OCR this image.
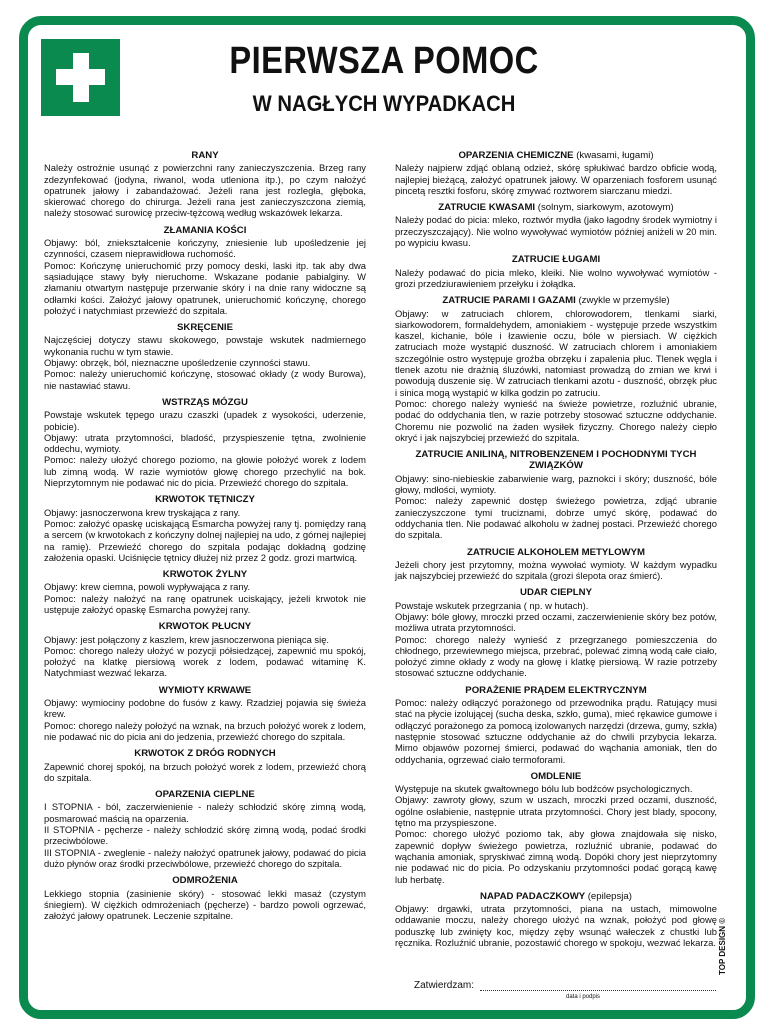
PIERWSZA POMOC
W NAGŁYCH WYPADKACH
RANY

Należy ostrożnie usunąć z powierzchni rany zanieczyszczenia. Brzeg rany zdezynfekować (jodyna, riwanol, woda utleniona itp.), po czym nałożyć opatrunek jałowy i zabandażować. Jeżeli rana jest rozległa, głęboka, skierować chorego do chirurga. Jeżeli rana jest zanieczyszczona ziemią, należy stosować surowicę przeciw-tężcową według wskazówek lekarza.

ZŁAMANIA KOŚCI

Objawy: ból, zniekształcenie kończyny, zniesienie lub upośledzenie jej czynności, czasem nieprawidłowa ruchomość.

Pomoc: Kończynę unieruchomić przy pomocy deski, laski itp. tak aby dwa sąsiadujące stawy były nieruchome. Wskazane podanie pabialginy. W złamaniu otwartym następuje przerwanie skóry i na dnie rany widoczne są odłamki kości. Założyć jałowy opatrunek, unieruchomić kończynę, chorego położyć i natychmiast przewieźć do szpitala.

SKRĘCENIE

Najczęściej dotyczy stawu skokowego, powstaje wskutek nadmiernego wykonania ruchu w tym stawie.

Objawy: obrzęk, ból, nieznaczne upośledzenie czynności stawu.

Pomoc: należy unieruchomić kończynę, stosować okłady (z wody Burowa), nie nastawiać stawu.

WSTRZĄS MÓZGU

Powstaje wskutek tępego urazu czaszki (upadek z wysokości, uderzenie, pobicie).

Objawy: utrata przytomności, bladość, przyspieszenie tętna, zwolnienie oddechu, wymioty.

Pomoc: należy ułożyć chorego poziomo, na głowie położyć worek z lodem lub zimną wodą. W razie wymiotów głowę chorego przechylić na bok. Nieprzytomnym nie podawać nic do picia. Przewieźć chorego do szpitala.

KRWOTOK TĘTNICZY

Objawy: jasnoczerwona krew tryskająca z rany.

Pomoc: założyć opaskę uciskającą Esmarcha powyżej rany tj. pomiędzy raną a sercem (w krwotokach z kończyny dolnej najlepiej na udo, z górnej najlepiej na ramię). Przewieźć chorego do szpitala podając dokładną godzinę założenia opaski. Uciśnięcie tętnicy dłużej niż przez 2 godz. grozi martwicą.

KRWOTOK ŻYLNY

Objawy: krew ciemna, powoli wypływająca z rany.

Pomoc: należy nałożyć na ranę opatrunek uciskający, jeżeli krwotok nie ustępuje założyć opaskę Esmarcha powyżej rany.

KRWOTOK PŁUCNY

Objawy: jest połączony z kaszlem, krew jasnoczerwona pieniąca się.

Pomoc: chorego należy ułożyć w pozycji półsiedzącej, zapewnić mu spokój, położyć na klatkę piersiową worek z lodem, podawać witaminę K. Natychmiast wezwać lekarza.

WYMIOTY KRWAWE

Objawy: wymiociny podobne do fusów z kawy. Rzadziej pojawia się świeża krew.

Pomoc: chorego należy położyć na wznak, na brzuch położyć worek z lodem, nie podawać nic do picia ani do jedzenia, przewieźć chorego do szpitala.

KRWOTOK Z DRÓG RODNYCH

Zapewnić chorej spokój, na brzuch położyć worek z lodem, przewieźć chorą do szpitala.

OPARZENIA CIEPLNE

I STOPNIA - ból, zaczerwienienie - należy schłodzić skórę zimną wodą, posmarować maścią na oparzenia.

II STOPNIA - pęcherze - należy schłodzić skórę zimną wodą, podać środki przeciwbólowe.

III STOPNIA - zweglenie - należy nałożyć opatrunek jałowy, podawać do picia dużo płynów oraz środki przeciwbólowe, przewieźć chorego do szpitala.

ODMROŻENIA

Lekkiego stopnia (zasinienie skóry) - stosować lekki masaż (czystym śniegiem). W ciężkich odmrożeniach (pęcherze) - bardzo powoli ogrzewać, założyć jałowy opatrunek. Leczenie szpitalne.

OPARZENIA CHEMICZNE (kwasami, ługami)

Należy najpierw zdjąć oblaną odzież, skórę spłukiwać bardzo obficie wodą, najlepiej bieżącą, założyć opatrunek jałowy. W oparzeniach fosforem usunąć pincetą resztki fosforu, skórę zmywać roztworem siarczanu miedzi.

ZATRUCIE KWASAMI (solnym, siarkowym, azotowym)

Należy podać do picia: mleko, roztwór mydła (jako łagodny środek wymiotny i przeczyszczający). Nie wolno wywoływać wymiotów później aniżeli w 20 min. po wypiciu kwasu.

ZATRUCIE ŁUGAMI

Należy podawać do picia mleko, kleiki. Nie wolno wywoływać wymiotów - grozi przedziurawieniem przełyku i żołądka.

ZATRUCIE PARAMI I GAZAMI (zwykle w przemyśle)

Objawy: w zatruciach chlorem, chlorowodorem, tlenkami siarki, siarkowodorem, formaldehydem, amoniakiem - występuje przede wszystkim kaszel, kichanie, bóle i łzawienie oczu, bóle w piersiach. W ciężkich zatruciach może wystąpić duszność. W zatruciach chlorem i amoniakiem szczególnie ostro występuje groźba obrzęku i zapalenia płuc. Tlenek węgla i tlenek azotu nie drażnią śluzówki, natomiast prowadzą do zmian we krwi i powodują duszenie się. W zatruciach tlenkami azotu - duszność, obrzęk płuc i sinica mogą wystąpić w kilka godzin po zatruciu.

Pomoc: chorego należy wynieść na świeże powietrze, rozluźnić ubranie, podać do oddychania tlen, w razie potrzeby stosować sztuczne oddychanie. Choremu nie pozwolić na żaden wysiłek fizyczny. Chorego należy ciepło okryć i jak najszybciej przewieźć do szpitala.

ZATRUCIE ANILINĄ, NITROBENZENEM I POCHODNYMI TYCH ZWIĄZKÓW

Objawy: sino-niebieskie zabarwienie warg, paznokci i skóry; duszność, bóle głowy, mdłości, wymioty.

Pomoc: należy zapewnić dostęp świeżego powietrza, zdjąć ubranie zanieczyszczone tymi truciznami, dobrze umyć skórę, podawać do oddychania tlen. Nie podawać alkoholu w żadnej postaci. Przewieźć chorego do szpitala.

ZATRUCIE ALKOHOLEM METYLOWYM

Jeżeli chory jest przytomny, można wywołać wymioty. W każdym wypadku jak najszybciej przewieźć do szpitala (grozi ślepota oraz śmierć).

UDAR CIEPLNY

Powstaje wskutek przegrzania ( np. w hutach).

Objawy: bóle głowy, mroczki przed oczami, zaczerwienienie skóry bez potów, możliwa utrata przytomności.

Pomoc: chorego należy wynieść z przegrzanego pomieszczenia do chłodnego, przewiewnego miejsca, przebrać, polewać zimną wodą całe ciało, położyć zimne okłady z wody na głowę i klatkę piersiową. W razie potrzeby stosować sztuczne oddychanie.

PORAŻENIE PRĄDEM ELEKTRYCZNYM

Pomoc: należy odłączyć porażonego od przewodnika prądu. Ratujący musi stać na płycie izolującej (sucha deska, szkło, guma), mieć rękawice gumowe i odłączyć porażonego za pomocą izolowanych narzędzi (drzewa, gumy, szkła) następnie stosować sztuczne oddychanie aż do chwili przybycia lekarza. Mimo objawów pozornej śmierci, podawać do wąchania amoniak, tlen do oddychania, ogrzewać ciało termoforami.

OMDLENIE

Występuje na skutek gwałtownego bólu lub bodźców psychologicznych.

Objawy: zawroty głowy, szum w uszach, mroczki przed oczami, duszność, ogólne osłabienie, następnie utrata przytomności. Chory jest blady, spocony, tętno ma przyspieszone.

Pomoc: chorego ułożyć poziomo tak, aby głowa znajdowała się nisko, zapewnić dopływ świeżego powietrza, rozluźnić ubranie, podawać do wąchania amoniak, spryskiwać zimną wodą. Dopóki chory jest nieprzytomny nie podawać nic do picia. Po odzyskaniu przytomności podać gorącą kawę lub herbatę.

NAPAD PADACZKOWY (epilepsja)

Objawy: drgawki, utrata przytomności, piana na ustach, mimowolne oddawanie moczu, należy chorego ułożyć na wznak, położyć pod głowę poduszkę lub zwinięty koc, między zęby wsunąć wałeczek z chustki lub ręcznika. Rozluźnić ubranie, pozostawić chorego w spokoju, wezwać lekarza.

Zatwierdzam:
data i podpis
TOP DESIGN ©
